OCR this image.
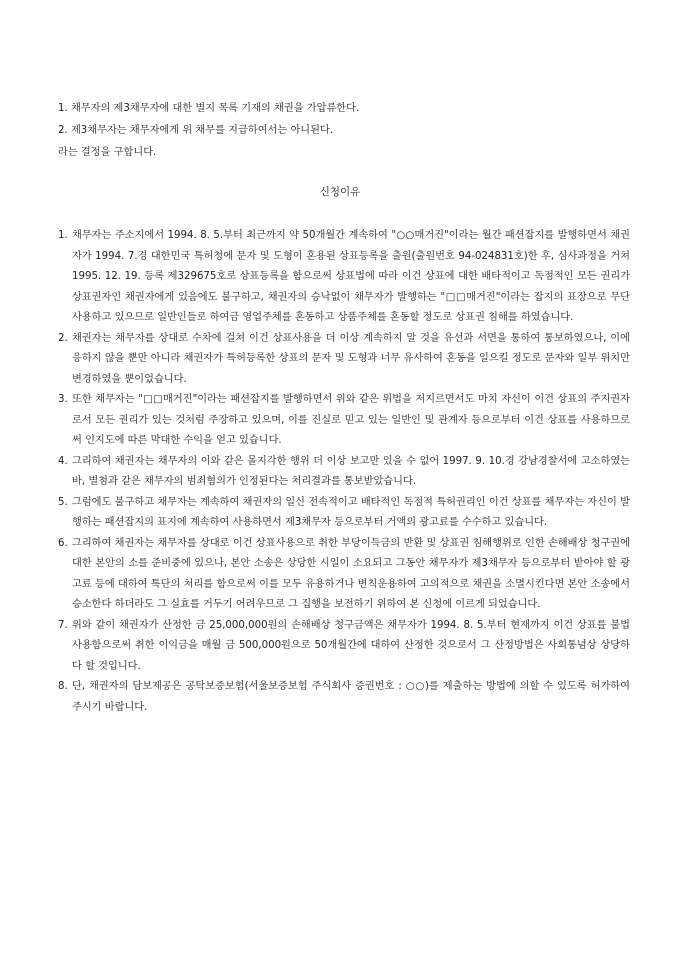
1. 채무자의 제3채무자에 대한 별지 목록 기재의 채권을 가압류한다.
2. 제3채무자는 채무자에게 위 채무를 지급하여서는 아니된다.
라는 결정을 구합니다.
신청이유
1. 채무자는 주소지에서 1994. 8. 5.부터 최근까지 약 50개월간 계속하여 "○○매거진"이라는 월간 패션잡지를 발행하면서 채권자가 1994. 7.경 대한민국 특허청에 문자 및 도형이 혼용된 상표등록을 출원(출원번호 94-024831호)한 후, 심사과정을 거쳐 1995. 12. 19. 등록 제329675호로 상표등록을 함으로써 상표법에 따라 이건 상표에 대한 배타적이고 독점적인 모든 권리가 상표권자인 채권자에게 있음에도 불구하고, 채권자의 승낙없이 채무자가 발행하는 "□□매거진"이라는 잡지의 표장으로 무단 사용하고 있으므로 일반인들로 하여금 영업주체를 혼동하고 상품주체를 혼동할 정도로 상표권 침해를 하였습니다.
2. 채권자는 채무자를 상대로 수차에 걸쳐 이건 상표사용을 더 이상 계속하지 말 것을 유선과 서면을 통하여 통보하였으나, 이에 응하지 않을 뿐만 아니라 채권자가 특허등록한 상표의 문자 및 도형과 너무 유사하여 혼동을 일으킬 정도로 문자와 일부 위치만 변경하였을 뿐이었습니다.
3. 또한 채무자는 "□□매거진"이라는 패션잡지를 발행하면서 위와 같은 위법을 저지르면서도 마치 자신이 이건 상표의 주지권자로서 모든 권리가 있는 것처럼 주장하고 있으며, 이를 진실로 믿고 있는 일반인 및 관계자 등으로부터 이건 상표를 사용하므로써 인지도에 따른 막대한 수익을 얻고 있습니다.
4. 그리하여 채권자는 채무자의 이와 같은 몰지각한 행위 더 이상 보고만 있을 수 없어 1997. 9. 10.경 강남경찰서에 고소하였는 바, 별첨과 같은 채무자의 범죄혐의가 인정된다는 처리결과를 통보받았습니다.
5. 그럼에도 불구하고 채무자는 계속하여 채권자의 일신 전속적이고 배타적인 독점적 특허권리인 이건 상표를 채무자는 자신이 발행하는 패션잡지의 표지에 계속하여 사용하면서 제3채무자 등으로부터 거액의 광고료를 수수하고 있습니다.
6. 그리하여 채권자는 채무자를 상대로 이건 상표사용으로 취한 부당이득금의 반환 및 상표권 침해행위로 인한 손해배상 청구권에 대한 본안의 소를 준비중에 있으나, 본안 소송은 상당한 시일이 소요되고 그동안 채무자가 제3채무자 등으로부터 받아야 할 광고료 등에 대하여 특단의 처리를 함으로써 이를 모두 유용하거나 변칙운용하여 고의적으로 채권을 소멸시킨다면 본안 소송에서 승소한다 하더라도 그 실효를 거두기 어려우므로 그 집행을 보전하기 위하여 본 신청에 이르게 되었습니다.
7. 위와 같이 채권자가 산정한 금 25,000,000원의 손해배상 청구금액은 채무자가 1994. 8. 5.부터 현재까지 이건 상표를 불법사용함으로써 취한 이익금을 매월 금 500,000원으로 50개월간에 대하여 산정한 것으로서 그 산정방법은 사회통념상 상당하다 할 것입니다.
8. 단, 채권자의 담보제공은 공탁보증보험(서울보증보험 주식회사 증권번호 : ○○)를 제출하는 방법에 의할 수 있도록 허가하여 주시기 바랍니다.
